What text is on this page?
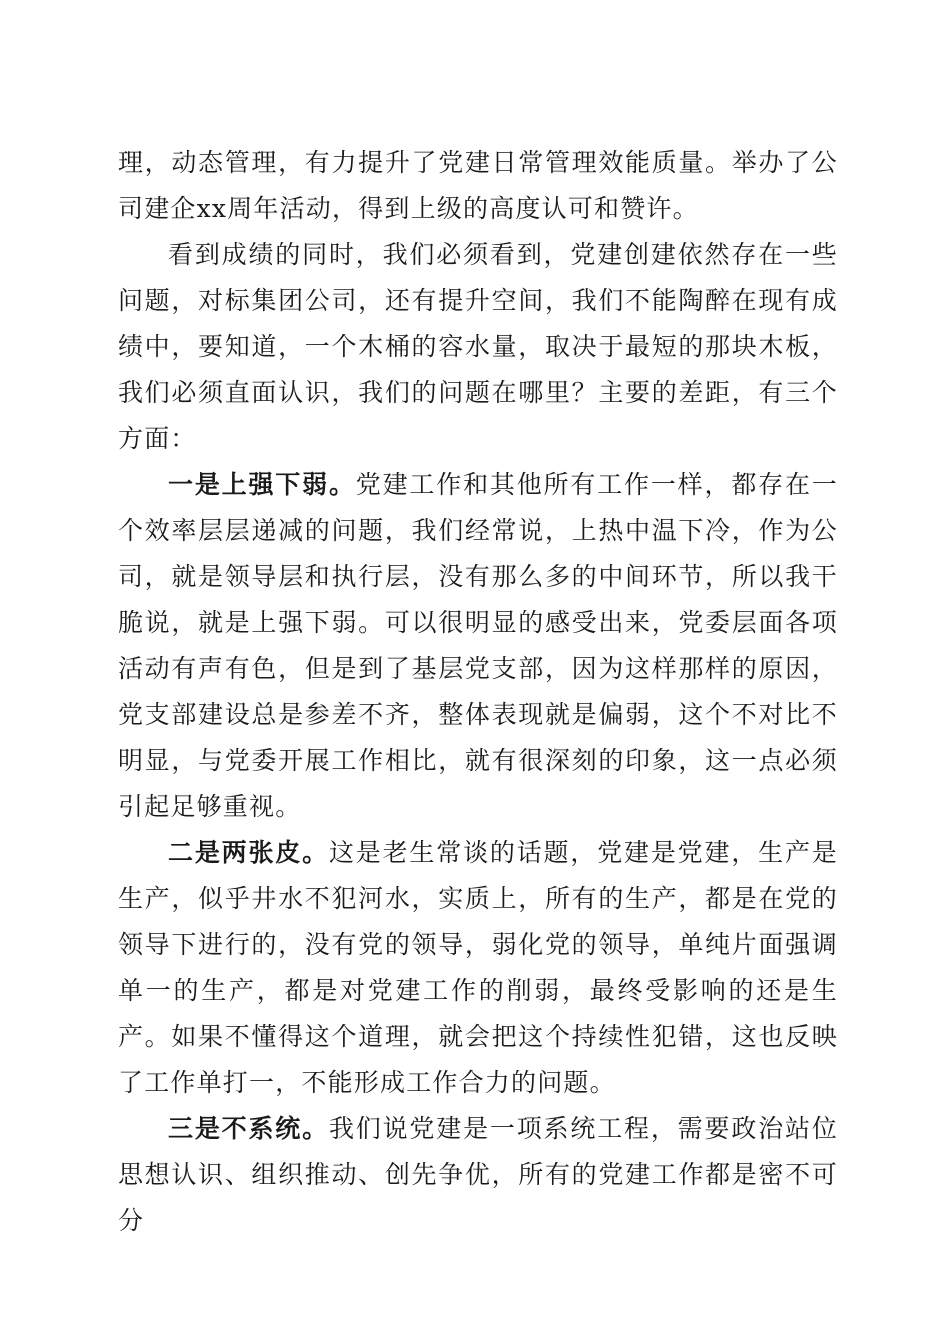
理，动态管理，有力提升了党建日常管理效能质量。举办了公司建企xx周年活动，得到上级的高度认可和赞许。

看到成绩的同时，我们必须看到，党建创建依然存在一些问题，对标集团公司，还有提升空间，我们不能陶醉在现有成绩中，要知道，一个木桶的容水量，取决于最短的那块木板，我们必须直面认识，我们的问题在哪里？主要的差距，有三个方面：

一是上强下弱。党建工作和其他所有工作一样，都存在一个效率层层递减的问题，我们经常说，上热中温下冷，作为公司，就是领导层和执行层，没有那么多的中间环节，所以我干脆说，就是上强下弱。可以很明显的感受出来，党委层面各项活动有声有色，但是到了基层党支部，因为这样那样的原因，党支部建设总是参差不齐，整体表现就是偏弱，这个不对比不明显，与党委开展工作相比，就有很深刻的印象，这一点必须引起足够重视。

二是两张皮。这是老生常谈的话题，党建是党建，生产是生产，似乎井水不犯河水，实质上，所有的生产，都是在党的领导下进行的，没有党的领导，弱化党的领导，单纯片面强调单一的生产，都是对党建工作的削弱，最终受影响的还是生产。如果不懂得这个道理，就会把这个持续性犯错，这也反映了工作单打一，不能形成工作合力的问题。

三是不系统。我们说党建是一项系统工程，需要政治站位思想认识、组织推动、创先争优，所有的党建工作都是密不可分
